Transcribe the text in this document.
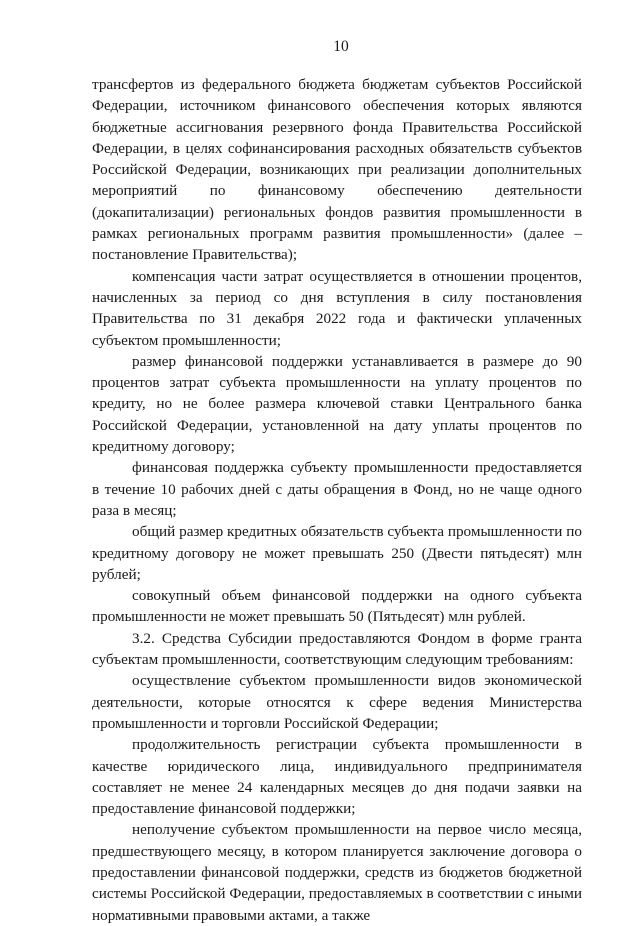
10

трансфертов из федерального бюджета бюджетам субъектов Российской Федерации, источником финансового обеспечения которых являются бюджетные ассигнования резервного фонда Правительства Российской Федерации, в целях софинансирования расходных обязательств субъектов Российской Федерации, возникающих при реализации дополнительных мероприятий по финансовому обеспечению деятельности (докапитализации) региональных фондов развития промышленности в рамках региональных программ развития промышленности» (далее – постановление Правительства);

компенсация части затрат осуществляется в отношении процентов, начисленных за период со дня вступления в силу постановления Правительства по 31 декабря 2022 года и фактически уплаченных субъектом промышленности;

размер финансовой поддержки устанавливается в размере до 90 процентов затрат субъекта промышленности на уплату процентов по кредиту, но не более размера ключевой ставки Центрального банка Российской Федерации, установленной на дату уплаты процентов по кредитному договору;

финансовая поддержка субъекту промышленности предоставляется в течение 10 рабочих дней с даты обращения в Фонд, но не чаще одного раза в месяц;

общий размер кредитных обязательств субъекта промышленности по кредитному договору не может превышать 250 (Двести пятьдесят) млн рублей;

совокупный объем финансовой поддержки на одного субъекта промышленности не может превышать 50 (Пятьдесят) млн рублей.

3.2. Средства Субсидии предоставляются Фондом в форме гранта субъектам промышленности, соответствующим следующим требованиям:

осуществление субъектом промышленности видов экономической деятельности, которые относятся к сфере ведения Министерства промышленности и торговли Российской Федерации;

продолжительность регистрации субъекта промышленности в качестве юридического лица, индивидуального предпринимателя составляет не менее 24 календарных месяцев до дня подачи заявки на предоставление финансовой поддержки;

неполучение субъектом промышленности на первое число месяца, предшествующего месяцу, в котором планируется заключение договора о предоставлении финансовой поддержки, средств из бюджетов бюджетной системы Российской Федерации, предоставляемых в соответствии с иными нормативными правовыми актами, а также
